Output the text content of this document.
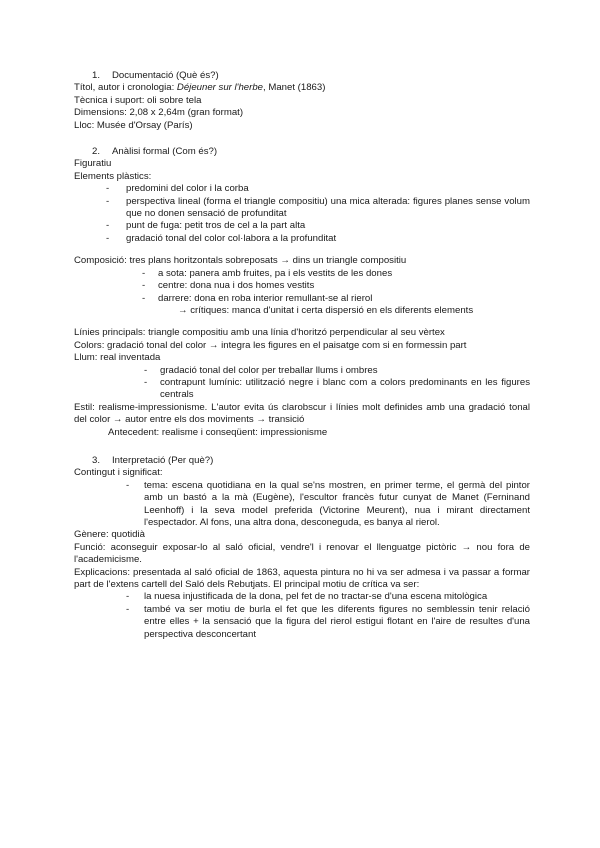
1.	Documentació (Què és?)

Títol, autor i cronologia: Déjeuner sur l'herbe, Manet (1863)

Tècnica i suport: oli sobre tela

Dimensions: 2,08 x 2,64m (gran format)

Lloc: Musée d'Orsay (París)

2.	Anàlisi formal (Com és?)

Figuratiu

Elements plàstics:

-	predomini del color i la corba
-	perspectiva lineal (forma el triangle compositiu) una mica alterada: figures planes sense volum que no donen sensació de profunditat
-	punt de fuga: petit tros de cel a la part alta
-	gradació tonal del color col·labora a la profunditat

Composició: tres plans horitzontals sobreposats → dins un triangle compositiu

-	a sota: panera amb fruites, pa i els vestits de les dones
-	centre: dona nua i dos homes vestits
-	darrere: dona en roba interior remullant-se al rierol

→ crítiques: manca d'unitat i certa dispersió en els diferents elements

Línies principals: triangle compositiu amb una línia d'horitzó perpendicular al seu vèrtex

Colors: gradació tonal del color → integra les figures en el paisatge com si en formessin part

Llum: real inventada

-	gradació tonal del color per treballar llums i ombres
-	contrapunt lumínic: utilització negre i blanc com a colors predominants en les figures centrals

Estil: realisme-impressionisme. L'autor evita ús clarobscur i línies molt definides amb una gradació tonal del color → autor entre els dos moviments → transició

Antecedent: realisme i conseqüent: impressionisme

3.	Interpretació (Per què?)

Contingut i significat:

-	tema: escena quotidiana en la qual se'ns mostren, en primer terme, el germà del pintor amb un bastó a la mà (Eugène), l'escultor francès futur cunyat de Manet (Ferninand Leenhoff) i la seva model preferida (Victorine Meurent), nua i mirant directament l'espectador. Al fons, una altra dona, desconeguda, es banya al rierol.

Gènere: quotidià

Funció: aconseguir exposar-lo al saló oficial, vendre'l i renovar el llenguatge pictòric → nou fora de l'academicisme.

Explicacions: presentada al saló oficial de 1863, aquesta pintura no hi va ser admesa i va passar a formar part de l'extens cartell del Saló dels Rebutjats. El principal motiu de crítica va ser:

-	la nuesa injustificada de la dona, pel fet de no tractar-se d'una escena mitològica
-	també va ser motiu de burla el fet que les diferents figures no semblessin tenir relació entre elles + la sensació que la figura del rierol estigui flotant en l'aire de resultes d'una perspectiva desconcertant
